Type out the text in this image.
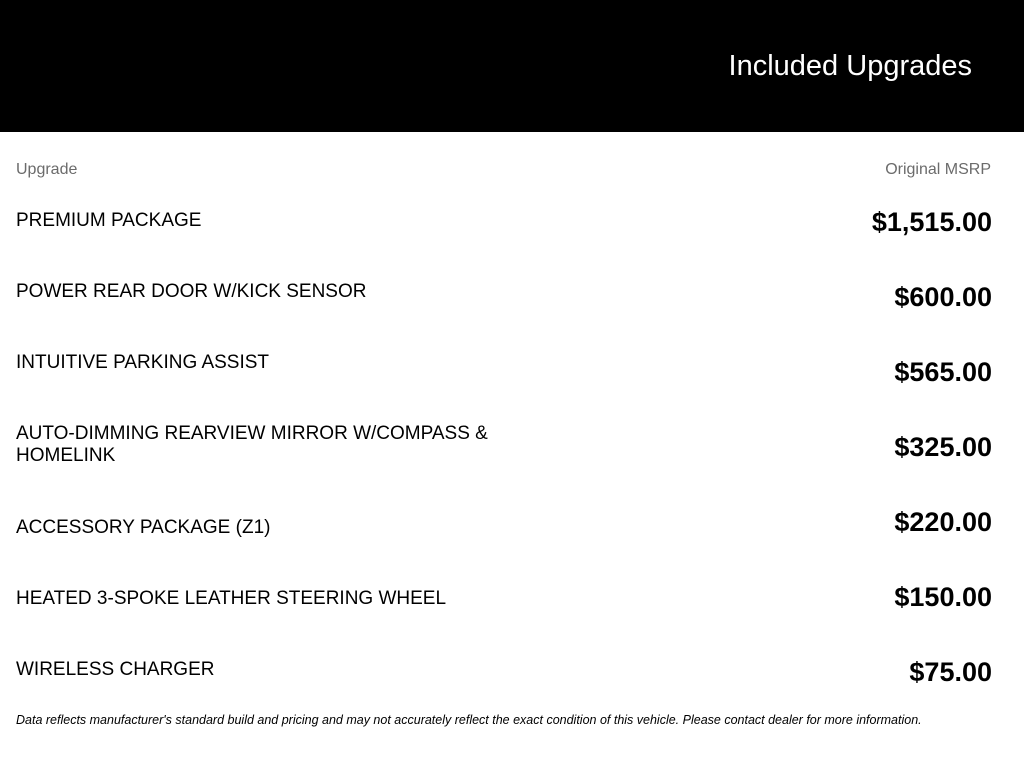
Included Upgrades
Upgrade	Original MSRP
PREMIUM PACKAGE	$1,515.00
POWER REAR DOOR W/KICK SENSOR	$600.00
INTUITIVE PARKING ASSIST	$565.00
AUTO-DIMMING REARVIEW MIRROR W/COMPASS & HOMELINK	$325.00
ACCESSORY PACKAGE (Z1)	$220.00
HEATED 3-SPOKE LEATHER STEERING WHEEL	$150.00
WIRELESS CHARGER	$75.00
Data reflects manufacturer's standard build and pricing and may not accurately reflect the exact condition of this vehicle. Please contact dealer for more information.
